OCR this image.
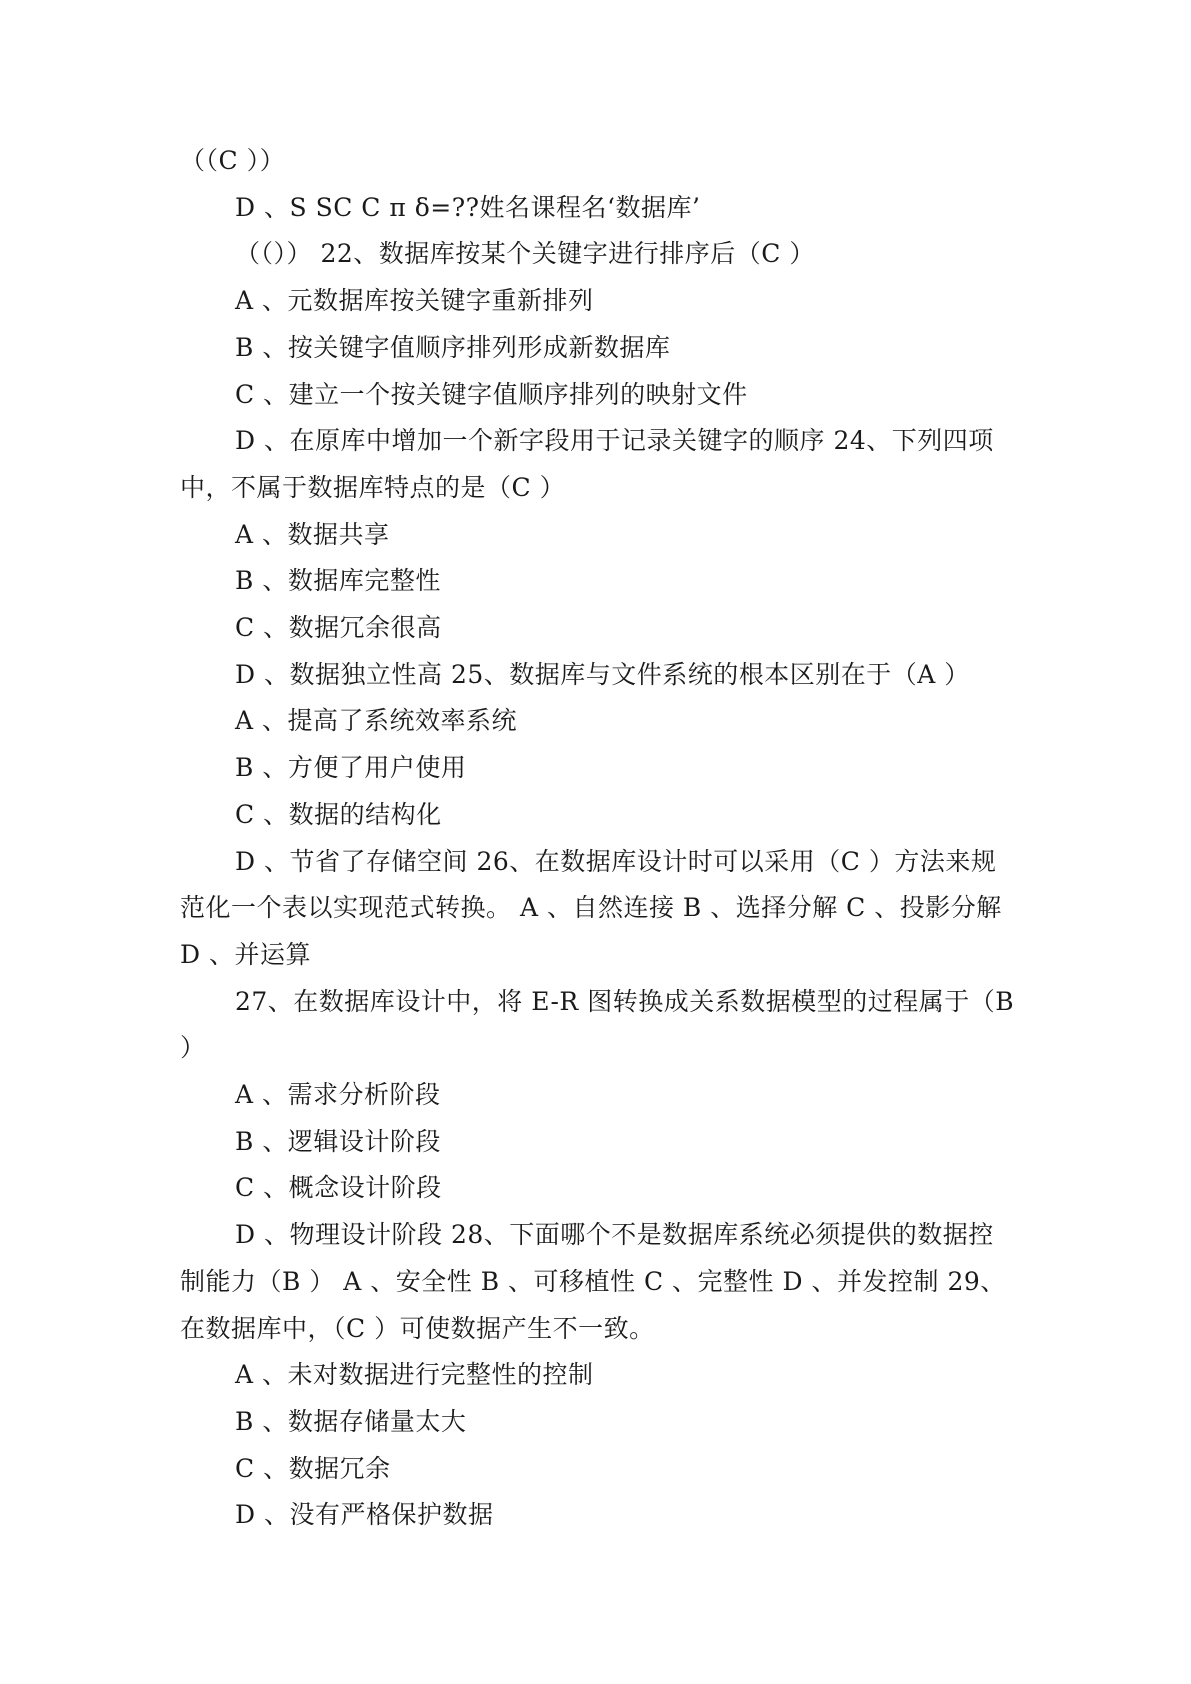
（（C ））

D 、S SC C π δ=??姓名课程名‘数据库’

（（）） 22、数据库按某个关键字进行排序后（C ）

A 、元数据库按关键字重新排列

B 、按关键字值顺序排列形成新数据库

C 、建立一个按关键字值顺序排列的映射文件

D 、在原库中增加一个新字段用于记录关键字的顺序 24、下列四项中，不属于数据库特点的是（C ）

A 、数据共享

B 、数据库完整性

C 、数据冗余很高

D 、数据独立性高 25、数据库与文件系统的根本区别在于（A ）

A 、提高了系统效率系统

B 、方便了用户使用

C 、数据的结构化

D 、节省了存储空间 26、在数据库设计时可以采用（C ）方法来规范化一个表以实现范式转换。 A 、自然连接 B 、选择分解 C 、投影分解 D 、并运算

27、在数据库设计中，将 E-R 图转换成关系数据模型的过程属于（B ）

A 、需求分析阶段

B 、逻辑设计阶段

C 、概念设计阶段

D 、物理设计阶段 28、下面哪个不是数据库系统必须提供的数据控制能力（B ） A 、安全性 B 、可移植性 C 、完整性 D 、并发控制 29、在数据库中，（C ）可使数据产生不一致。

A 、未对数据进行完整性的控制

B 、数据存储量太大

C 、数据冗余

D 、没有严格保护数据
